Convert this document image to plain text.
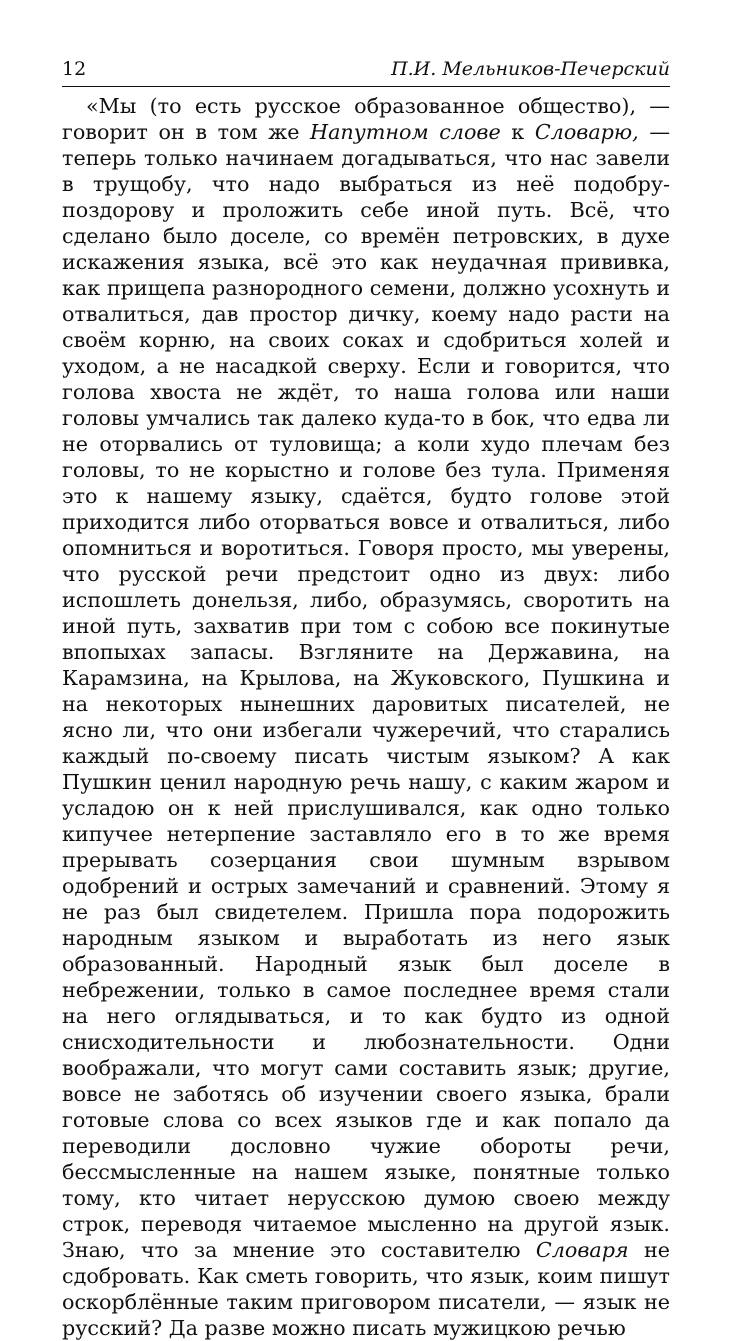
12	П.И. Мельников-Печерский

«Мы (то есть русское образованное общество), — говорит он в том же Напутном слове к Словарю, — теперь только начинаем догадываться, что нас завели в трущобу, что надо выбраться из неё подобру-поздорову и проложить себе иной путь. Всё, что сделано было доселе, со времён петровских, в духе искажения языка, всё это как неудачная прививка, как прищепа разнородного семени, должно усохнуть и отвалиться, дав простор дичку, коему надо расти на своём корню, на своих соках и сдобриться холей и уходом, а не насадкой сверху. Если и говорится, что голова хвоста не ждёт, то наша голова или наши головы умчались так далеко куда-то в бок, что едва ли не оторвались от туловища; а коли худо плечам без головы, то не корыстно и голове без тула. Применяя это к нашему языку, сдаётся, будто голове этой приходится либо оторваться вовсе и отвалиться, либо опомниться и воротиться. Говоря просто, мы уверены, что русской речи предстоит одно из двух: либо испошлеть донельзя, либо, образумясь, своротить на иной путь, захватив при том с собою все покинутые впопыхах запасы. Взгляните на Державина, на Карамзина, на Крылова, на Жуковского, Пушкина и на некоторых нынешних даровитых писателей, не ясно ли, что они избегали чужеречий, что старались каждый по-своему писать чистым языком? А как Пушкин ценил народную речь нашу, с каким жаром и усладою он к ней прислушивался, как одно только кипучее нетерпение заставляло его в то же время прерывать созерцания свои шумным взрывом одобрений и острых замечаний и сравнений. Этому я не раз был свидетелем. Пришла пора подорожить народным языком и выработать из него язык образованный. Народный язык был доселе в небрежении, только в самое последнее время стали на него оглядываться, и то как будто из одной снисходительности и любознательности. Одни воображали, что могут сами составить язык; другие, вовсе не заботясь об изучении своего языка, брали готовые слова со всех языков где и как попало да переводили дословно чужие обороты речи, бессмысленные на нашем языке, понятные только тому, кто читает нерусскою думою своею между строк, переводя читаемое мысленно на другой язык. Знаю, что за мнение это составителю Словаря не сдобровать. Как сметь говорить, что язык, коим пишут оскорблённые таким приговором писатели, — язык не русский? Да разве можно писать мужицкою речью
